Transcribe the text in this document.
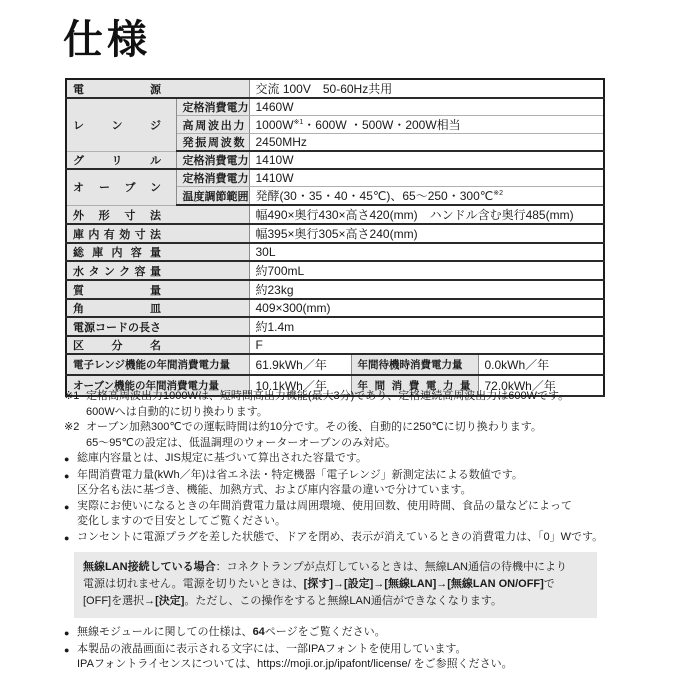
仕様
電源		交流 100V　50-60Hz共用		
レンジ	定格消費電力	1460W		
	高周波出力	1000W$^{※1}$・600W ・500W・200W相当		
	発振周波数	2450MHz		
グリル	定格消費電力	1410W		
オーブン	定格消費電力	1410W		
	温度調節範囲	発酵(30・35・40・45℃)、65～250・300℃$^{※2}$
外形寸法		幅490×奥行430×高さ420(mm)　ハンドル含む奥行485(mm)		
庫内有効寸法		幅395×奥行305×高さ240(mm)		
総庫内容量		30L		
水タンク容量		約700mL		
質量		約23kg		
角皿		409×300(mm)		
電源コードの長さ		約1.4m		
区分名		F		
電子レンジ機能の年間消費電力量		61.9kWh／年	年間待機時消費電力量	0.0kWh／年
オーブン機能の年間消費電力量		10.1kWh／年	年間消費電力量	72.0kWh／年
※1 定格高周波出力1000Wは、短時間高出力機能(最大3分)であり、定格連続高周波出力は600Wです。
600Wへは自動的に切り換わります。
※2 オーブン加熱300℃での運転時間は約10分です。その後、自動的に250℃に切り換わります。
65～95℃の設定は、低温調理のウォーターオーブンのみ対応。
● 総庫内容量とは、JIS規定に基づいて算出された容量です。
● 年間消費電力量(kWh／年)は省エネ法・特定機器「電子レンジ」新測定法による数値です。
区分名も法に基づき、機能、加熱方式、および庫内容量の違いで分けています。
● 実際にお使いになるときの年間消費電力量は周囲環境、使用回数、使用時間、食品の量などによって
変化しますので目安としてご覧ください。
● コンセントに電源プラグを差した状態で、ドアを閉め、表示が消えているときの消費電力は、「0」Wです。
無線LAN接続している場合：コネクトランプが点灯しているときは、無線LAN通信の待機中により
電源は切れません。電源を切りたいときは、[探す]→[設定]→[無線LAN]→[無線LAN ON/OFF]で
[OFF]を選択→[決定]。ただし、この操作をすると無線LAN通信ができなくなります。
● 無線モジュールに関しての仕様は、64ページをご覧ください。
● 本製品の液晶画面に表示される文字には、一部IPAフォントを使用しています。
IPAフォントライセンスについては、https://moji.or.jp/ipafont/license/ をご参照ください。
